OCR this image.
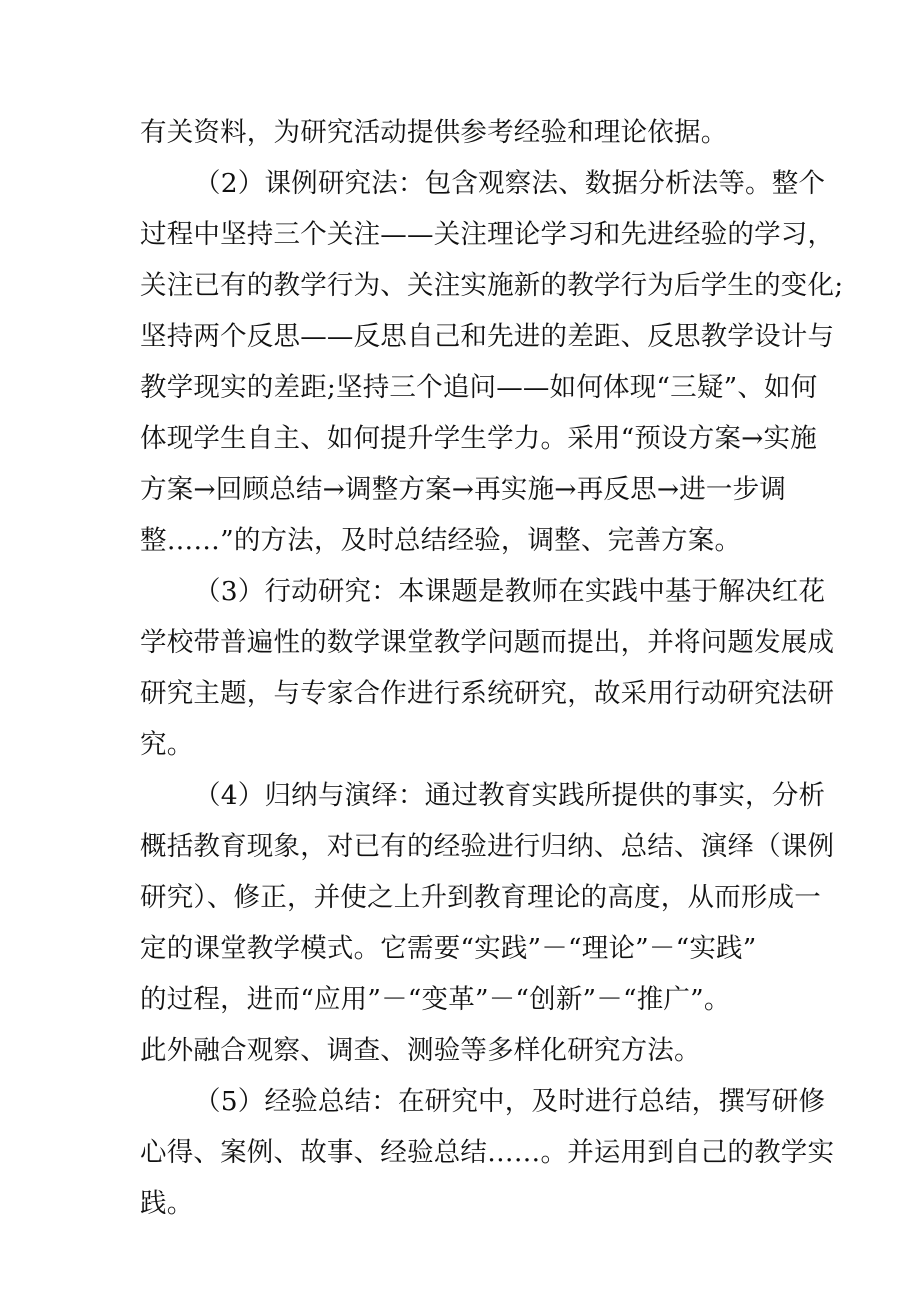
有关资料，为研究活动提供参考经验和理论依据。
（2）课例研究法：包含观察法、数据分析法等。整个
过程中坚持三个关注——关注理论学习和先进经验的学习，
关注已有的教学行为、关注实施新的教学行为后学生的变化;
坚持两个反思——反思自己和先进的差距、反思教学设计与
教学现实的差距;坚持三个追问——如何体现“三疑”、如何
体现学生自主、如何提升学生学力。采用“预设方案→实施
方案→回顾总结→调整方案→再实施→再反思→进一步调
整……”的方法，及时总结经验，调整、完善方案。
（3）行动研究：本课题是教师在实践中基于解决红花
学校带普遍性的数学课堂教学问题而提出，并将问题发展成
研究主题，与专家合作进行系统研究，故采用行动研究法研
究。
（4）归纳与演绎：通过教育实践所提供的事实，分析
概括教育现象，对已有的经验进行归纳、总结、演绎（课例
研究）、修正，并使之上升到教育理论的高度，从而形成一
定的课堂教学模式。它需要“实践”－“理论”－“实践”
的过程，进而“应用”－“变革”－“创新”－“推广”。
此外融合观察、调查、测验等多样化研究方法。
（5）经验总结：在研究中，及时进行总结，撰写研修
心得、案例、故事、经验总结……。并运用到自己的教学实
践。
